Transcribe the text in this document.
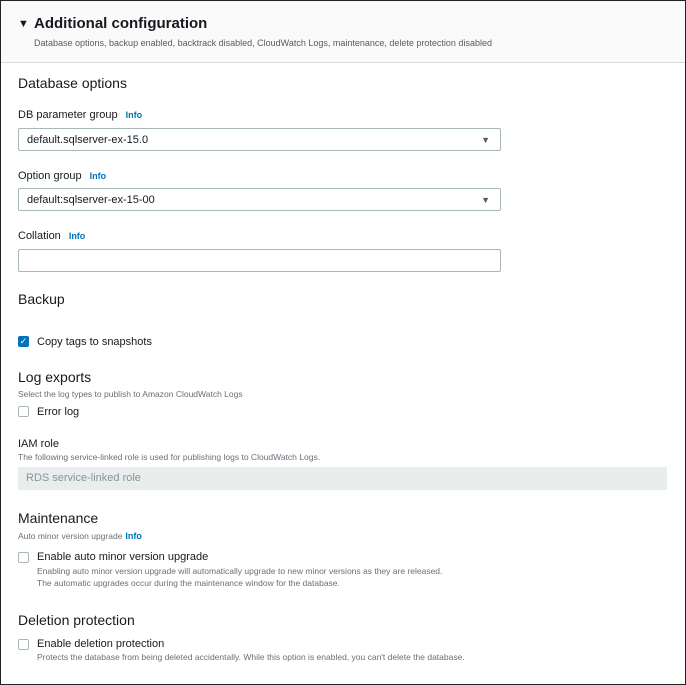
▼ Additional configuration
Database options, backup enabled, backtrack disabled, CloudWatch Logs, maintenance, delete protection disabled
Database options
DB parameter group Info
default.sqlserver-ex-15.0	▼
Option group Info
default:sqlserver-ex-15-00	▼
Collation Info
Backup
✓ Copy tags to snapshots
Log exports
Select the log types to publish to Amazon CloudWatch Logs
Error log
IAM role
The following service-linked role is used for publishing logs to CloudWatch Logs.
RDS service-linked role
Maintenance
Auto minor version upgrade Info
Enable auto minor version upgrade
Enabling auto minor version upgrade will automatically upgrade to new minor versions as they are released.
The automatic upgrades occur during the maintenance window for the database.
Deletion protection
Enable deletion protection
Protects the database from being deleted accidentally. While this option is enabled, you can't delete the database.
